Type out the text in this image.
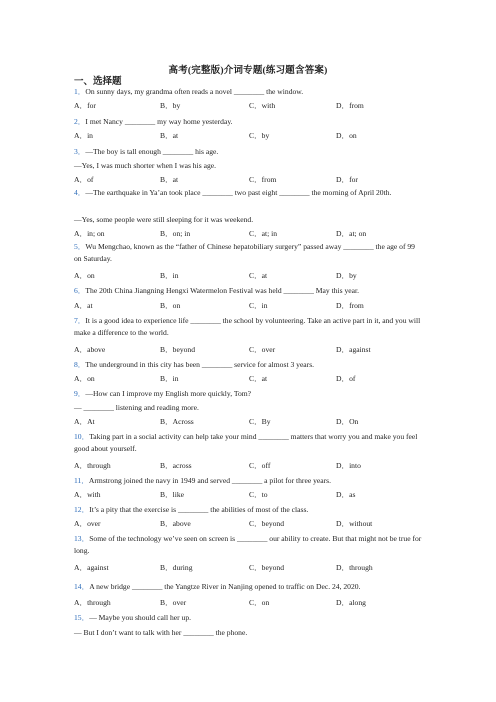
高考(完整版)介词专题(练习题含答案)
一、选择题
1．On sunny days, my grandma often reads a novel ________ the window.
A．for	B．by	C．with	D．from
2．I met Nancy ________ my way home yesterday.
A．in	B．at	C．by	D．on
3．—The boy is tall enough ________ his age.
—Yes, I was much shorter when I was his age.
A．of	B．at	C．from	D．for
4．—The earthquake in Ya’an took place ________ two past eight ________ the morning of April 20th.
—Yes, some people were still sleeping for it was weekend.
A．in; on	B．on; in	C．at; in	D．at; on
5．Wu Mengchao, known as the “father of Chinese hepatobiliary surgery” passed away ________ the age of 99 on Saturday.
A．on	B．in	C．at	D．by
6．The 20th China Jiangning Hengxi Watermelon Festival was held ________ May this year.
A．at	B．on	C．in	D．from
7．It is a good idea to experience life ________ the school by volunteering. Take an active part in it, and you will make a difference to the world.
A．above	B．beyond	C．over	D．against
8．The underground in this city has been ________ service for almost 3 years.
A．on	B．in	C．at	D．of
9．—How can I improve my English more quickly, Tom?
— ________ listening and reading more.
A．At	B．Across	C．By	D．On
10．Taking part in a social activity can help take your mind ________ matters that worry you and make you feel good about yourself.
A．through	B．across	C．off	D．into
11．Armstrong joined the navy in 1949 and served ________ a pilot for three years.
A．with	B．like	C．to	D．as
12．It’s a pity that the exercise is ________ the abilities of most of the class.
A．over	B．above	C．beyond	D．without
13．Some of the technology we’ve seen on screen is ________ our ability to create. But that might not be true for long.
A．against	B．during	C．beyond	D．through
14．A new bridge ________ the Yangtze River in Nanjing opened to traffic on Dec. 24, 2020.
A．through	B．over	C．on	D．along
15．— Maybe you should call her up.
— But I don’t want to talk with her ________ the phone.
